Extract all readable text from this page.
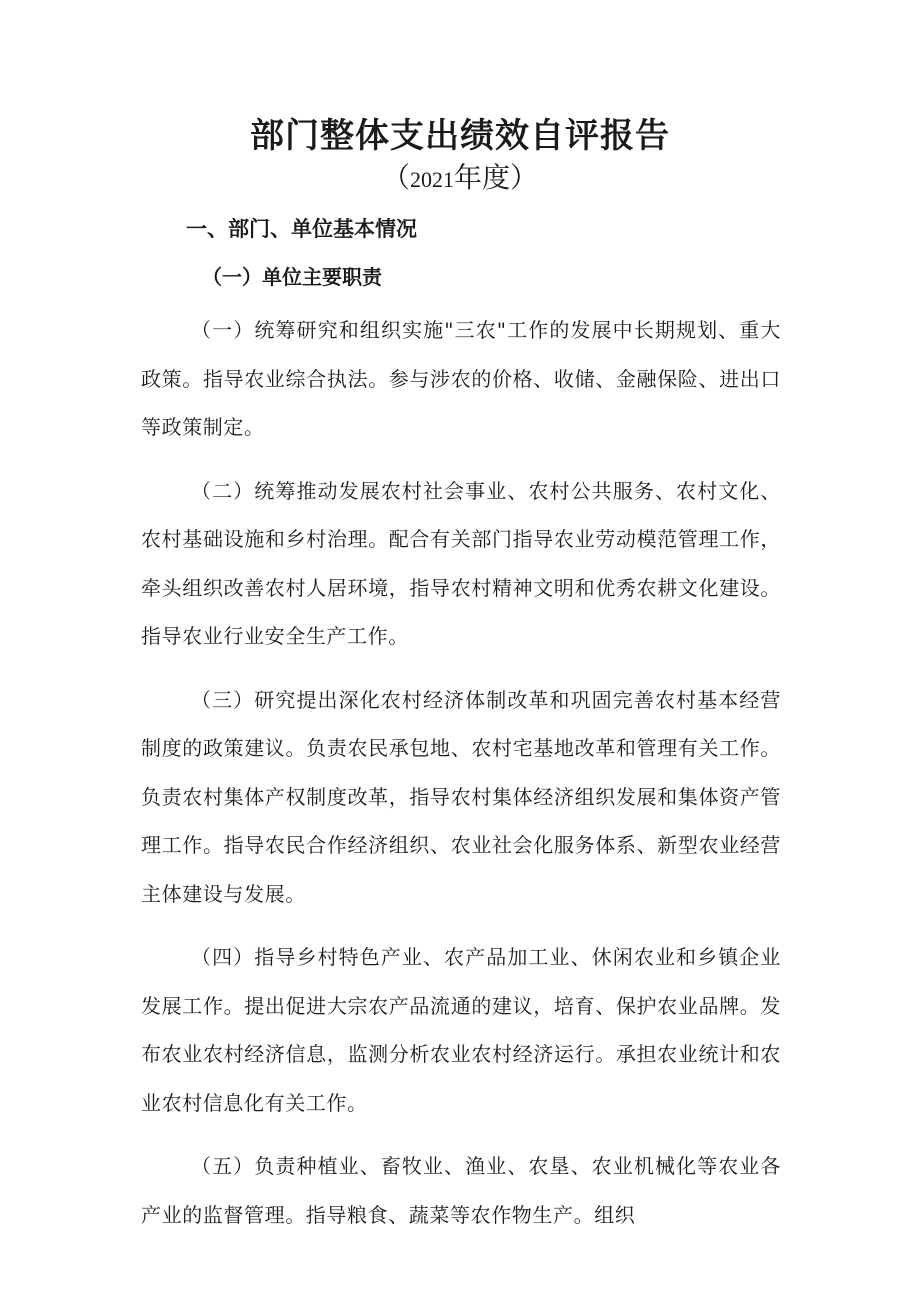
部门整体支出绩效自评报告
（2021年度）
一、部门、单位基本情况
（一）单位主要职责

（一）统筹研究和组织实施"三农"工作的发展中长期规划、重大政策。指导农业综合执法。参与涉农的价格、收储、金融保险、进出口等政策制定。

（二）统筹推动发展农村社会事业、农村公共服务、农村文化、农村基础设施和乡村治理。配合有关部门指导农业劳动模范管理工作，牵头组织改善农村人居环境，指导农村精神文明和优秀农耕文化建设。指导农业行业安全生产工作。

（三）研究提出深化农村经济体制改革和巩固完善农村基本经营制度的政策建议。负责农民承包地、农村宅基地改革和管理有关工作。负责农村集体产权制度改革，指导农村集体经济组织发展和集体资产管理工作。指导农民合作经济组织、农业社会化服务体系、新型农业经营主体建设与发展。

（四）指导乡村特色产业、农产品加工业、休闲农业和乡镇企业发展工作。提出促进大宗农产品流通的建议，培育、保护农业品牌。发布农业农村经济信息，监测分析农业农村经济运行。承担农业统计和农业农村信息化有关工作。

（五）负责种植业、畜牧业、渔业、农垦、农业机械化等农业各产业的监督管理。指导粮食、蔬菜等农作物生产。组织
